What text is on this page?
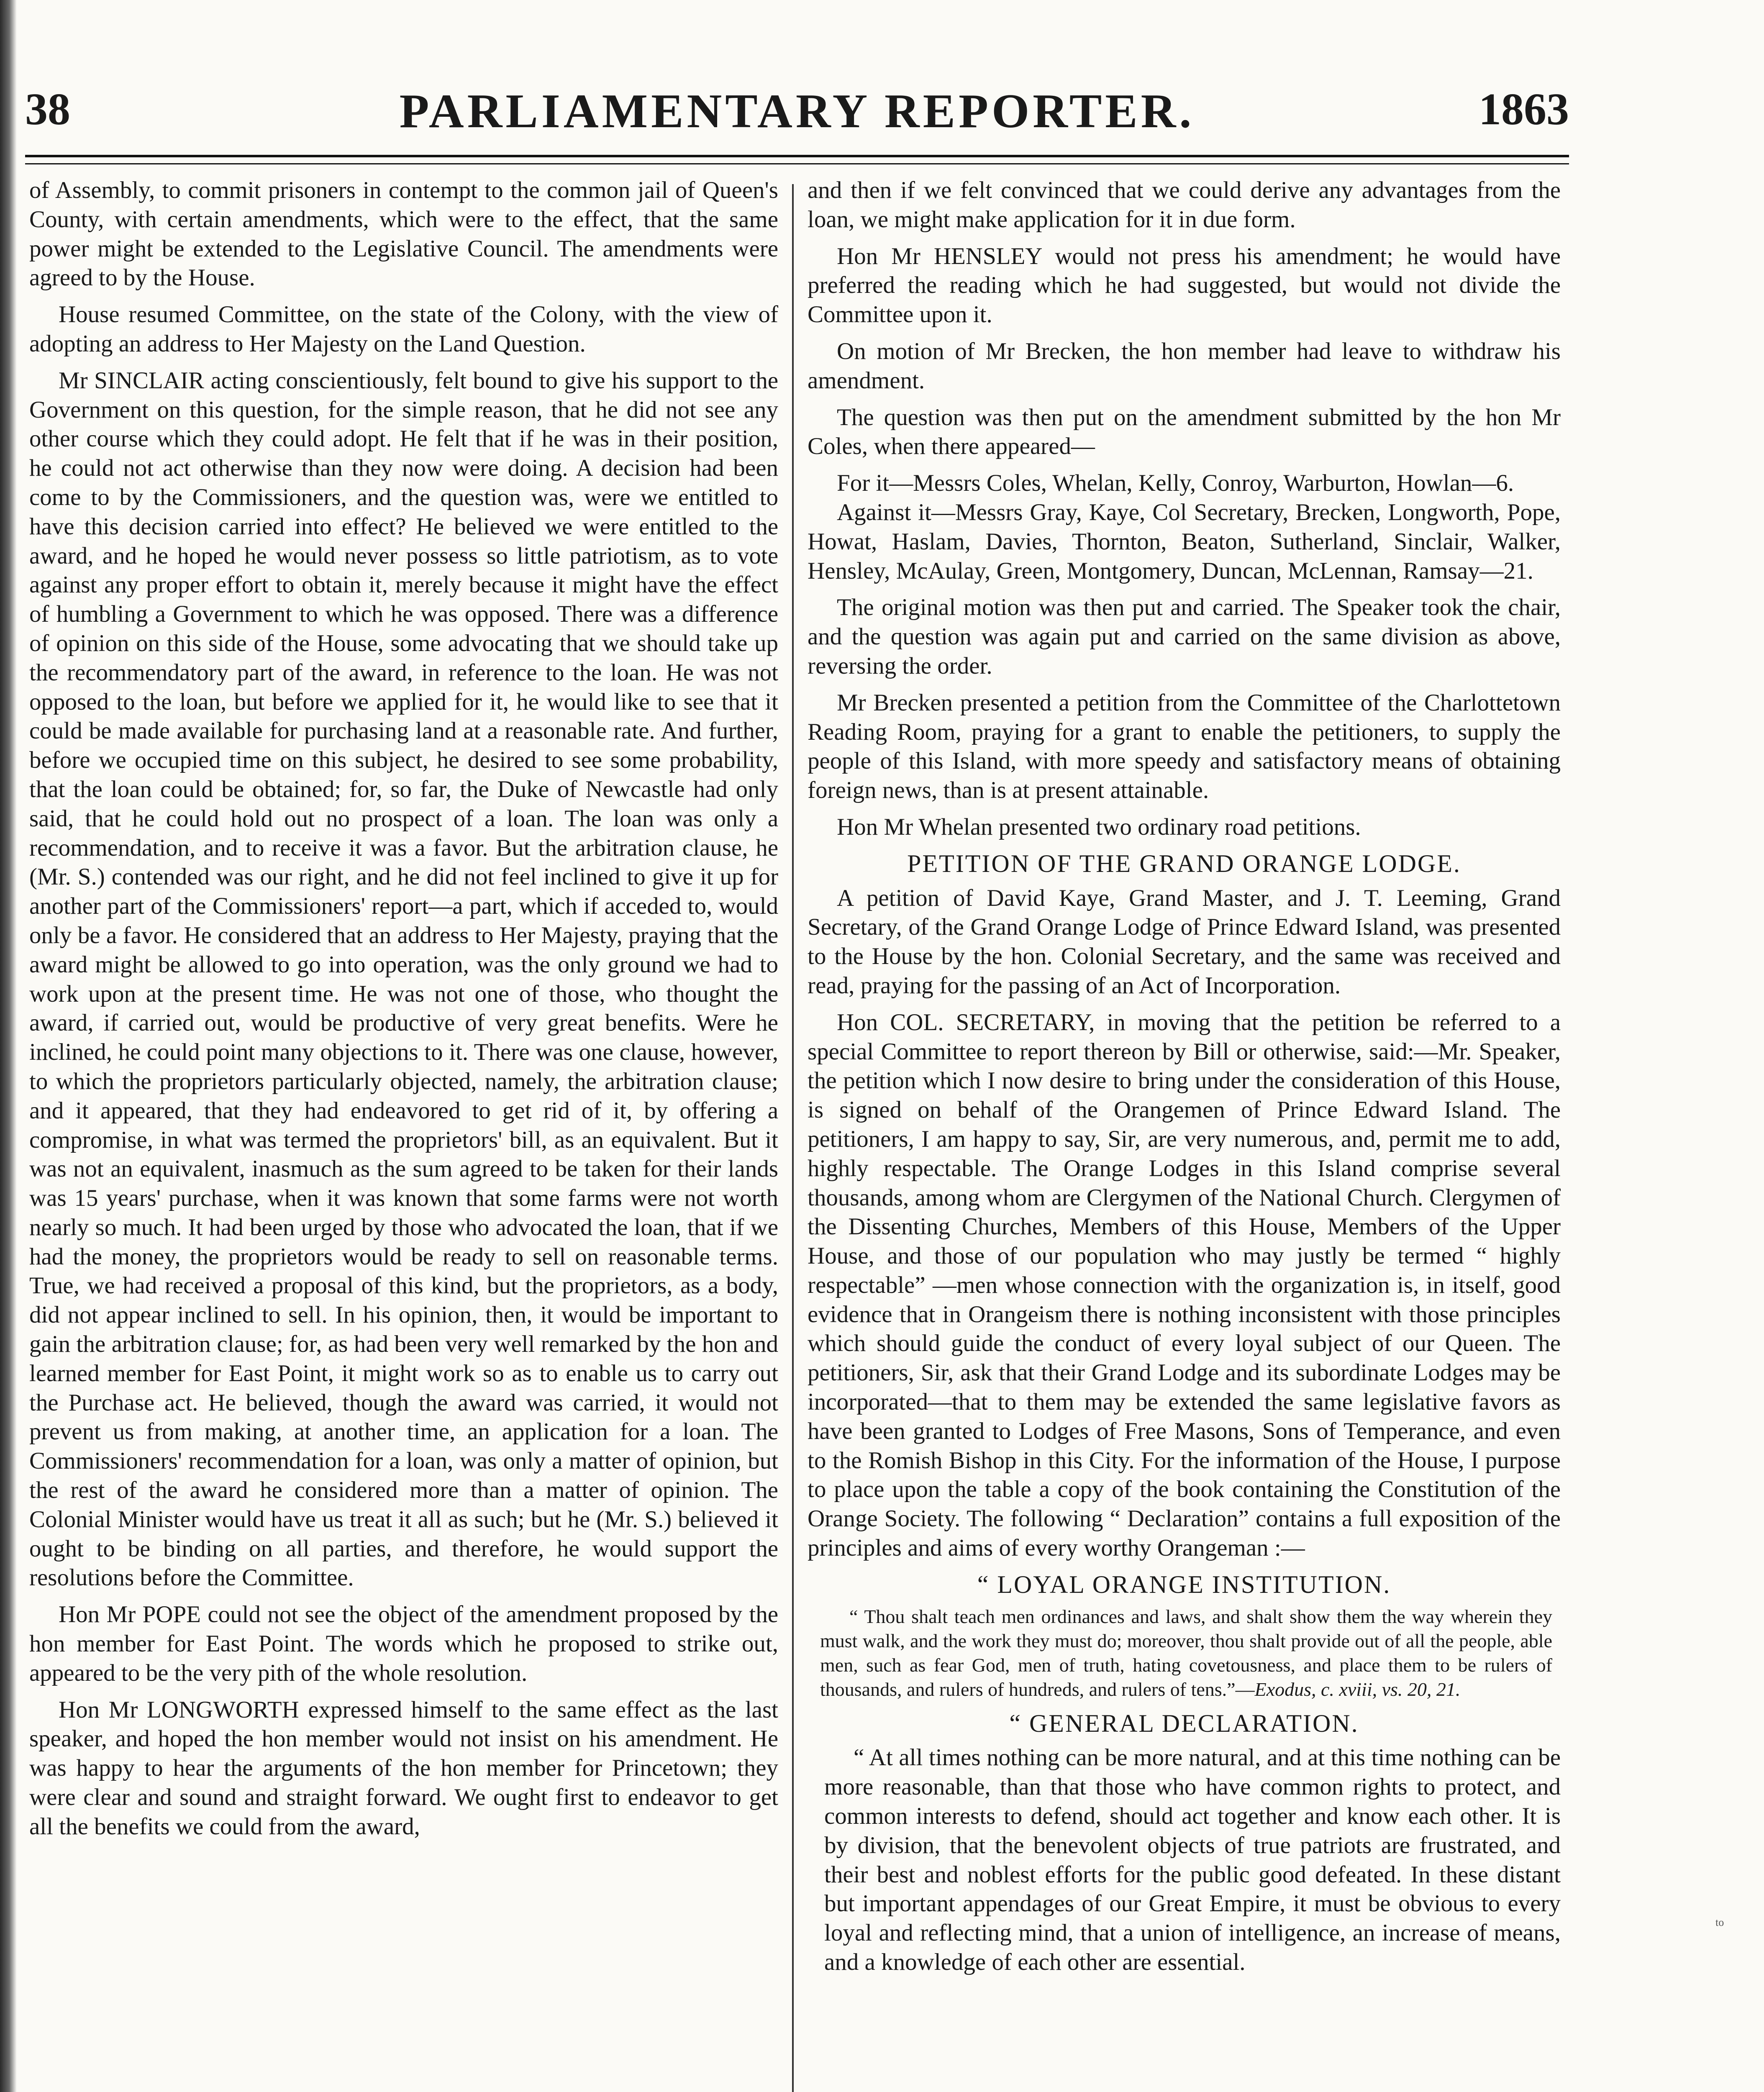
38	PARLIAMENTARY REPORTER.	1863

of Assembly, to commit prisoners in contempt to the common jail of Queen's County, with certain amendments, which were to the effect, that the same power might be extended to the Legislative Council. The amendments were agreed to by the House.

House resumed Committee, on the state of the Colony, with the view of adopting an address to Her Majesty on the Land Question.

Mr SINCLAIR acting conscientiously, felt bound to give his support to the Government on this question, for the simple reason, that he did not see any other course which they could adopt. He felt that if he was in their position, he could not act otherwise than they now were doing. A decision had been come to by the Commissioners, and the question was, were we entitled to have this decision carried into effect? He believed we were entitled to the award, and he hoped he would never possess so little patriotism, as to vote against any proper effort to obtain it, merely because it might have the effect of humbling a Government to which he was opposed. There was a difference of opinion on this side of the House, some advocating that we should take up the recommendatory part of the award, in reference to the loan. He was not opposed to the loan, but before we applied for it, he would like to see that it could be made available for purchasing land at a reasonable rate. And further, before we occupied time on this subject, he desired to see some probability, that the loan could be obtained; for, so far, the Duke of Newcastle had only said, that he could hold out no prospect of a loan. The loan was only a recommendation, and to receive it was a favor. But the arbitration clause, he (Mr. S.) contended was our right, and he did not feel inclined to give it up for another part of the Commissioners' report—a part, which if acceded to, would only be a favor. He considered that an address to Her Majesty, praying that the award might be allowed to go into operation, was the only ground we had to work upon at the present time. He was not one of those, who thought the award, if carried out, would be productive of very great benefits. Were he inclined, he could point many objections to it. There was one clause, however, to which the proprietors particularly objected, namely, the arbitration clause; and it appeared, that they had endeavored to get rid of it, by offering a compromise, in what was termed the proprietors' bill, as an equivalent. But it was not an equivalent, inasmuch as the sum agreed to be taken for their lands was 15 years' purchase, when it was known that some farms were not worth nearly so much. It had been urged by those who advocated the loan, that if we had the money, the proprietors would be ready to sell on reasonable terms. True, we had received a proposal of this kind, but the proprietors, as a body, did not appear inclined to sell. In his opinion, then, it would be important to gain the arbitration clause; for, as had been very well remarked by the hon and learned member for East Point, it might work so as to enable us to carry out the Purchase act. He believed, though the award was carried, it would not prevent us from making, at another time, an application for a loan. The Commissioners' recommendation for a loan, was only a matter of opinion, but the rest of the award he considered more than a matter of opinion. The Colonial Minister would have us treat it all as such; but he (Mr. S.) believed it ought to be binding on all parties, and therefore, he would support the resolutions before the Committee.

Hon Mr POPE could not see the object of the amendment proposed by the hon member for East Point. The words which he proposed to strike out, appeared to be the very pith of the whole resolution.

Hon Mr LONGWORTH expressed himself to the same effect as the last speaker, and hoped the hon member would not insist on his amendment. He was happy to hear the arguments of the hon member for Princetown; they were clear and sound and straight forward. We ought first to endeavor to get all the benefits we could from the award,

and then if we felt convinced that we could derive any advantages from the loan, we might make application for it in due form.

Hon Mr HENSLEY would not press his amendment; he would have preferred the reading which he had suggested, but would not divide the Committee upon it.

On motion of Mr Brecken, the hon member had leave to withdraw his amendment.

The question was then put on the amendment submitted by the hon Mr Coles, when there appeared—

For it—Messrs Coles, Whelan, Kelly, Conroy, Warburton, Howlan—6.

Against it—Messrs Gray, Kaye, Col Secretary, Brecken, Longworth, Pope, Howat, Haslam, Davies, Thornton, Beaton, Sutherland, Sinclair, Walker, Hensley, McAulay, Green, Montgomery, Duncan, McLennan, Ramsay—21.

The original motion was then put and carried. The Speaker took the chair, and the question was again put and carried on the same division as above, reversing the order.

Mr Brecken presented a petition from the Committee of the Charlottetown Reading Room, praying for a grant to enable the petitioners, to supply the people of this Island, with more speedy and satisfactory means of obtaining foreign news, than is at present attainable.

Hon Mr Whelan presented two ordinary road petitions.

PETITION OF THE GRAND ORANGE LODGE.

A petition of David Kaye, Grand Master, and J. T. Leeming, Grand Secretary, of the Grand Orange Lodge of Prince Edward Island, was presented to the House by the hon. Colonial Secretary, and the same was received and read, praying for the passing of an Act of Incorporation.

Hon COL. SECRETARY, in moving that the petition be referred to a special Committee to report thereon by Bill or otherwise, said:—Mr. Speaker, the petition which I now desire to bring under the consideration of this House, is signed on behalf of the Orangemen of Prince Edward Island. The petitioners, I am happy to say, Sir, are very numerous, and, permit me to add, highly respectable. The Orange Lodges in this Island comprise several thousands, among whom are Clergymen of the National Church. Clergymen of the Dissenting Churches, Members of this House, Members of the Upper House, and those of our population who may justly be termed “ highly respectable” —men whose connection with the organization is, in itself, good evidence that in Orangeism there is nothing inconsistent with those principles which should guide the conduct of every loyal subject of our Queen. The petitioners, Sir, ask that their Grand Lodge and its subordinate Lodges may be incorporated—that to them may be extended the same legislative favors as have been granted to Lodges of Free Masons, Sons of Temperance, and even to the Romish Bishop in this City. For the information of the House, I purpose to place upon the table a copy of the book containing the Constitution of the Orange Society. The following “ Declaration” contains a full exposition of the principles and aims of every worthy Orangeman :—

“ LOYAL ORANGE INSTITUTION.

“ Thou shalt teach men ordinances and laws, and shalt show them the way wherein they must walk, and the work they must do; moreover, thou shalt provide out of all the people, able men, such as fear God, men of truth, hating covetousness, and place them to be rulers of thousands, and rulers of hundreds, and rulers of tens.”—Exodus, c. xviii, vs. 20, 21.

“ GENERAL DECLARATION.

“ At all times nothing can be more natural, and at this time nothing can be more reasonable, than that those who have common rights to protect, and common interests to defend, should act together and know each other. It is by division, that the benevolent objects of true patriots are frustrated, and their best and noblest efforts for the public good defeated. In these distant but important appendages of our Great Empire, it must be obvious to every loyal and reflecting mind, that a union of intelligence, an increase of means, and a knowledge of each other are essential.

to
